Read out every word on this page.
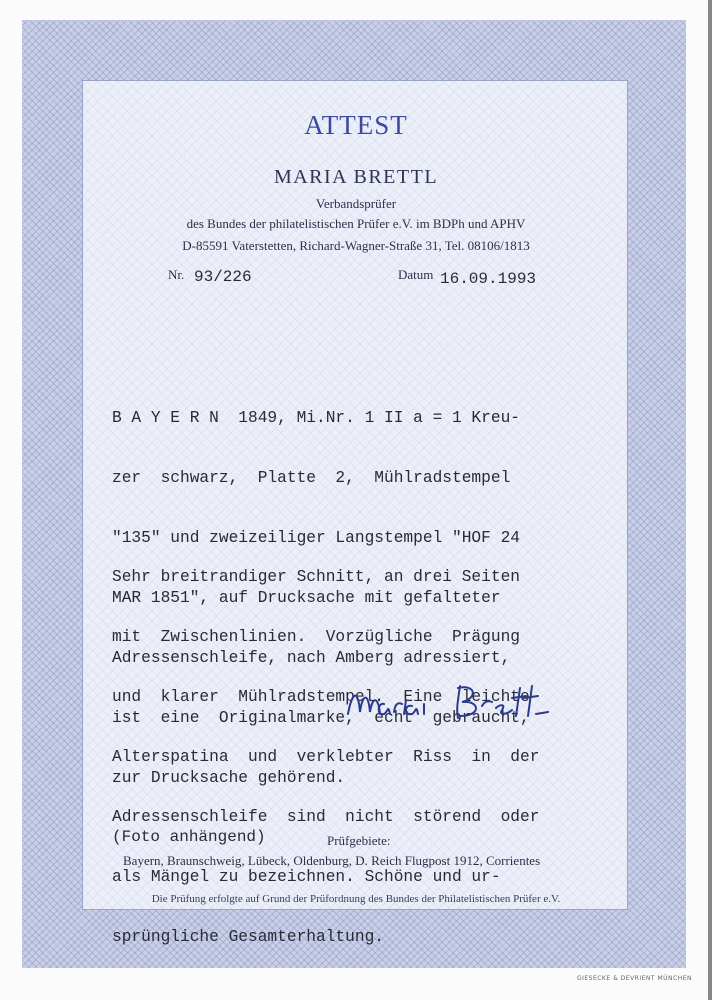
ATTEST
MARIA BRETTL
Verbandsprüfer
des Bundes der philatelistischen Prüfer e.V. im BDPh und APHV
D-85591 Vaterstetten, Richard-Wagner-Straße 31, Tel. 08106/1813
Nr. 93/226	Datum 16.09.1993

B A Y E R N  1849, Mi.Nr. 1 II a = 1 Kreu-

zer  schwarz,  Platte  2,  Mühlradstempel

"135" und zweizeiliger Langstempel "HOF 24

MAR 1851", auf Drucksache mit gefalteter

Adressenschleife, nach Amberg adressiert,

ist  eine  Originalmarke,  echt  gebraucht,

zur Drucksache gehörend.

Sehr breitrandiger Schnitt, an drei Seiten

mit  Zwischenlinien.  Vorzügliche  Prägung

und  klarer  Mühlradstempel.  Eine  leichte

Alterspatina  und  verklebter  Riss  in  der

Adressenschleife  sind  nicht  störend  oder

als Mängel zu bezeichnen. Schöne und ur-

sprüngliche Gesamterhaltung.

(Foto anhängend)	Prüfgebiete:
Bayern, Braunschweig, Lübeck, Oldenburg, D. Reich Flugpost 1912, Corrientes
Die Prüfung erfolgte auf Grund der Prüfordnung des Bundes der Philatelistischen Prüfer e.V.
GIESECKE & DEVRIENT MÜNCHEN
